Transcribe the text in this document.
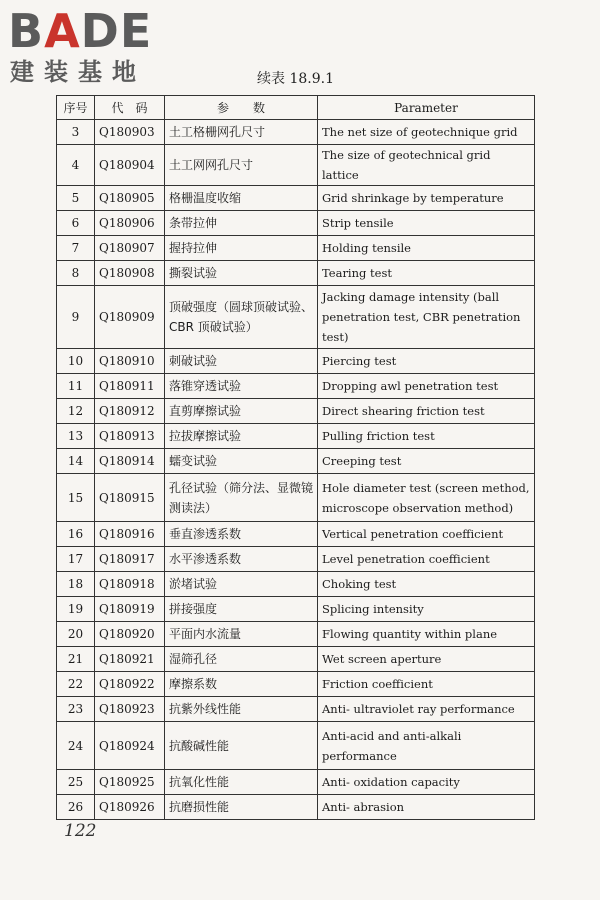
BADE
建装基地	续表 18.9.1
序号	代　码	参　　数	Parameter
3	Q180903	土工格栅网孔尺寸	The net size of geotechnique grid
4	Q180904	土工网网孔尺寸	The size of geotechnical grid lattice
5	Q180905	格栅温度收缩	Grid shrinkage by temperature
6	Q180906	条带拉伸	Strip tensile
7	Q180907	握持拉伸	Holding tensile
8	Q180908	撕裂试验	Tearing test
9	Q180909	顶破强度（圆球顶破试验、CBR 顶破试验）	Jacking damage intensity (ball penetration test, CBR penetration test)
10	Q180910	刺破试验	Piercing test
11	Q180911	落锥穿透试验	Dropping awl penetration test
12	Q180912	直剪摩擦试验	Direct shearing friction test
13	Q180913	拉拔摩擦试验	Pulling friction test
14	Q180914	蠕变试验	Creeping test
15	Q180915	孔径试验（筛分法、显微镜测读法）	Hole diameter test (screen method, microscope observation method)
16	Q180916	垂直渗透系数	Vertical penetration coefficient
17	Q180917	水平渗透系数	Level penetration coefficient
18	Q180918	淤堵试验	Choking test
19	Q180919	拼接强度	Splicing intensity
20	Q180920	平面内水流量	Flowing quantity within plane
21	Q180921	湿筛孔径	Wet screen aperture
22	Q180922	摩擦系数	Friction coefficient
23	Q180923	抗紫外线性能	Anti- ultraviolet ray performance
24	Q180924	抗酸碱性能	Anti-acid and anti-alkali performance
25	Q180925	抗氧化性能	Anti- oxidation capacity
26	Q180926	抗磨损性能	Anti- abrasion
122
